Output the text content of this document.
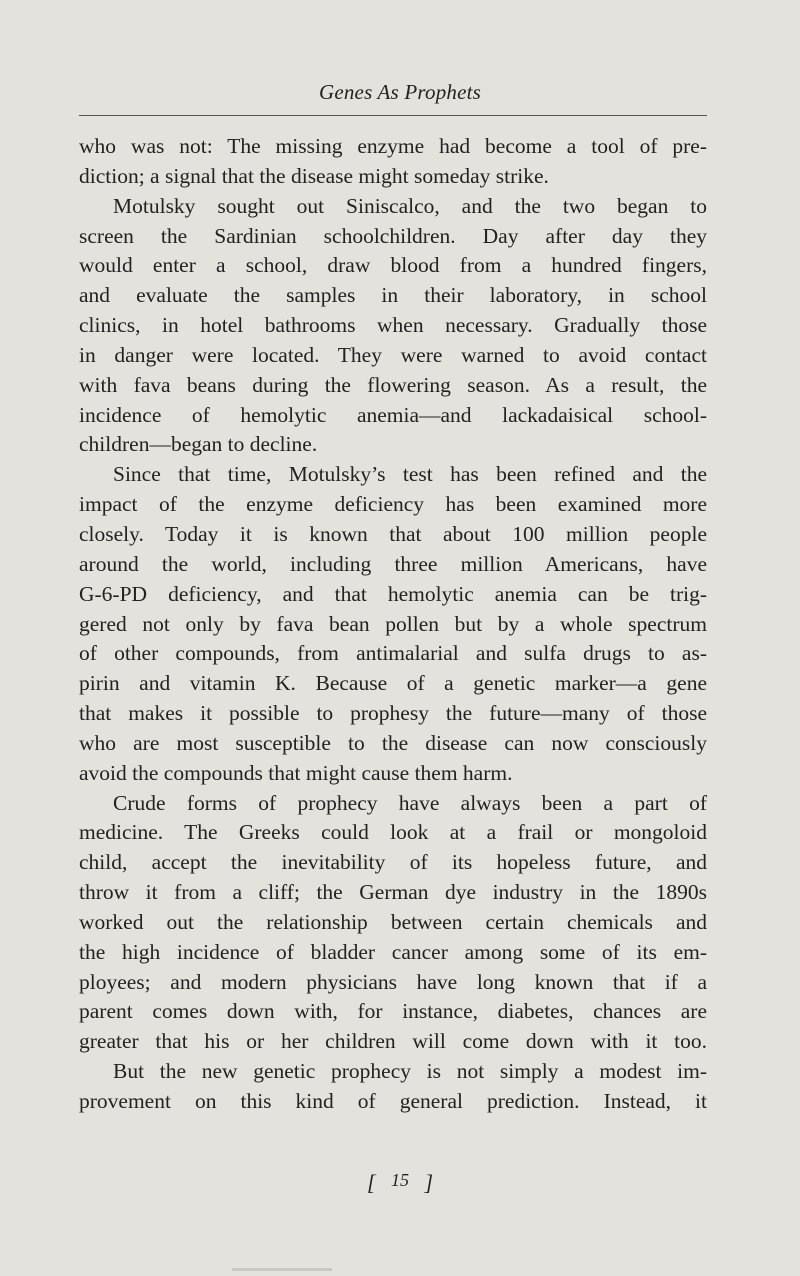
Genes As Prophets
who was not: The missing enzyme had become a tool of pre-
diction; a signal that the disease might someday strike.
Motulsky sought out Siniscalco, and the two began to
screen the Sardinian schoolchildren. Day after day they
would enter a school, draw blood from a hundred fingers,
and evaluate the samples in their laboratory, in school
clinics, in hotel bathrooms when necessary. Gradually those
in danger were located. They were warned to avoid contact
with fava beans during the flowering season. As a result, the
incidence of hemolytic anemia—and lackadaisical school-
children—began to decline.
Since that time, Motulsky’s test has been refined and the
impact of the enzyme deficiency has been examined more
closely. Today it is known that about 100 million people
around the world, including three million Americans, have
G-6-PD deficiency, and that hemolytic anemia can be trig-
gered not only by fava bean pollen but by a whole spectrum
of other compounds, from antimalarial and sulfa drugs to as-
pirin and vitamin K. Because of a genetic marker—a gene
that makes it possible to prophesy the future—many of those
who are most susceptible to the disease can now consciously
avoid the compounds that might cause them harm.
Crude forms of prophecy have always been a part of
medicine. The Greeks could look at a frail or mongoloid
child, accept the inevitability of its hopeless future, and
throw it from a cliff; the German dye industry in the 1890s
worked out the relationship between certain chemicals and
the high incidence of bladder cancer among some of its em-
ployees; and modern physicians have long known that if a
parent comes down with, for instance, diabetes, chances are
greater that his or her children will come down with it too.
But the new genetic prophecy is not simply a modest im-
provement on this kind of general prediction. Instead, it
[ 15 ]
